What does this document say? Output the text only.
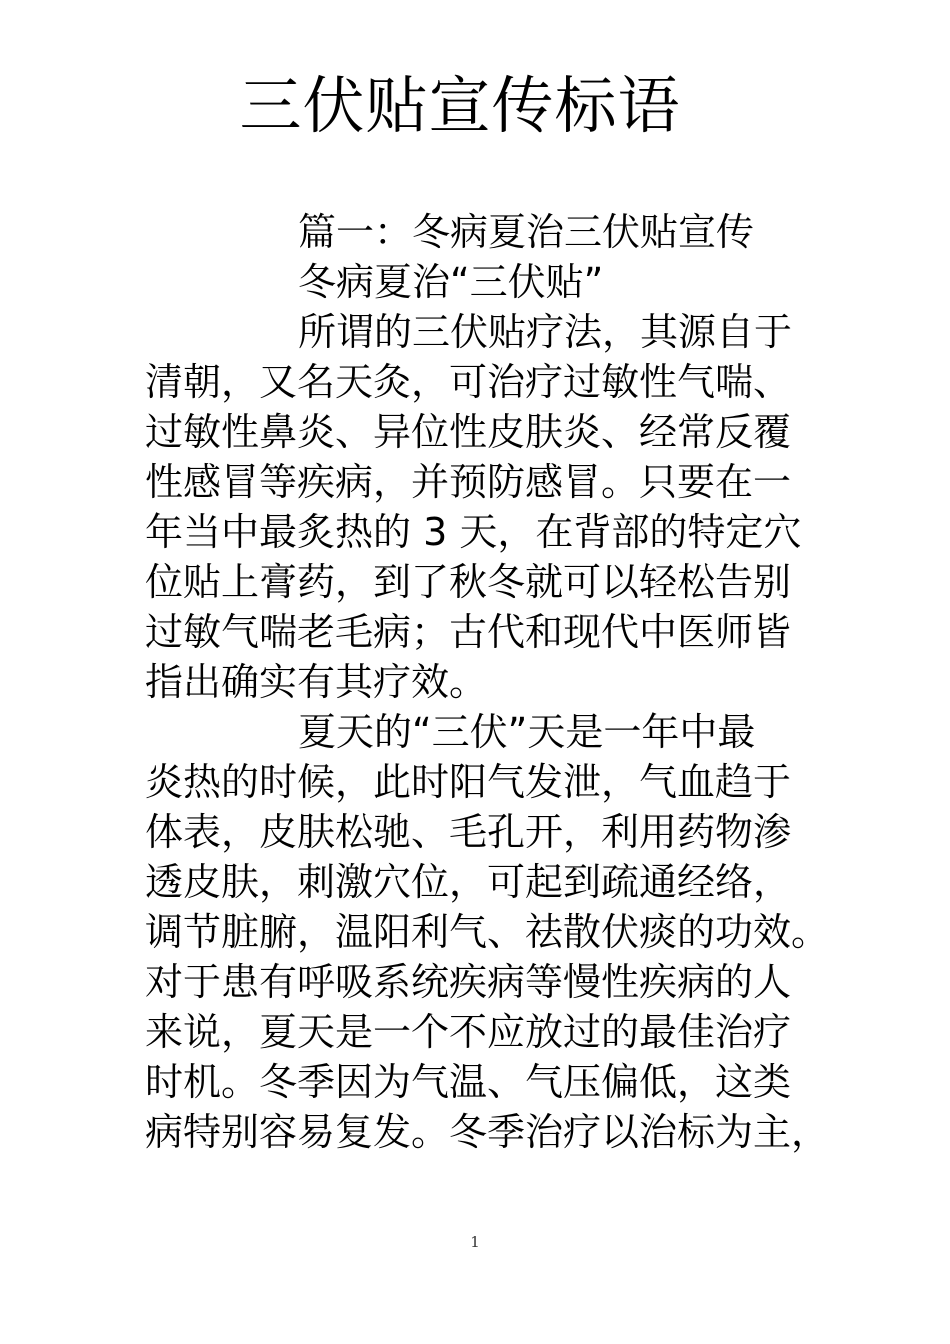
三伏贴宣传标语

篇一：冬病夏治三伏贴宣传

冬病夏治“三伏贴”

所谓的三伏贴疗法，其源自于

清朝，又名天灸，可治疗过敏性气喘、

过敏性鼻炎、异位性皮肤炎、经常反覆

性感冒等疾病，并预防感冒。只要在一

年当中最炙热的 3 天，在背部的特定穴

位贴上膏药，到了秋冬就可以轻松告别

过敏气喘老毛病；古代和现代中医师皆

指出确实有其疗效。

夏天的“三伏”天是一年中最

炎热的时候，此时阳气发泄，气血趋于

体表，皮肤松驰、毛孔开，利用药物渗

透皮肤，刺激穴位，可起到疏通经络，

调节脏腑，温阳利气、祛散伏痰的功效。

对于患有呼吸系统疾病等慢性疾病的人

来说，夏天是一个不应放过的最佳治疗

时机。冬季因为气温、气压偏低，这类

病特别容易复发。冬季治疗以治标为主，

1
